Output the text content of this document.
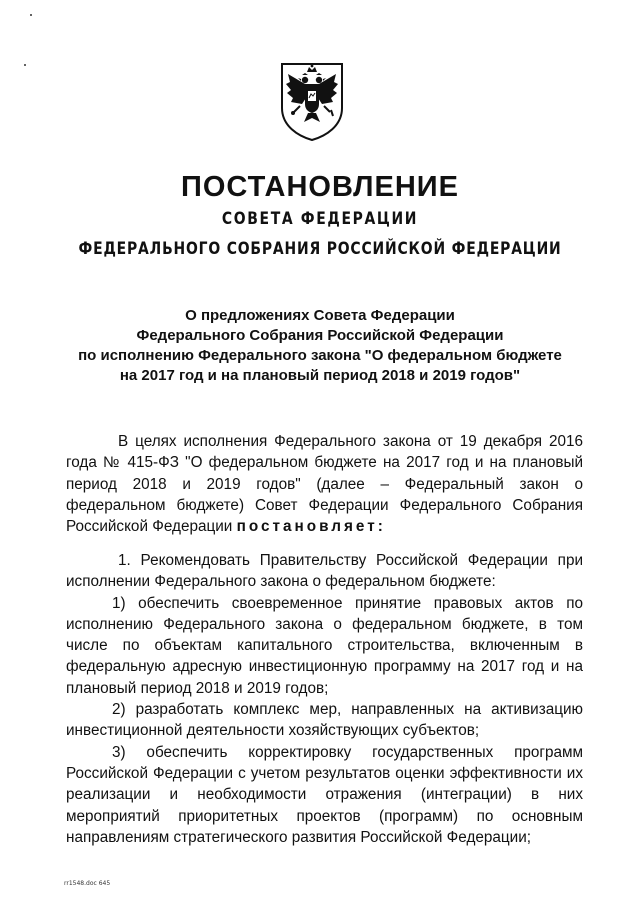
ПОСТАНОВЛЕНИЕ
СОВЕТА ФЕДЕРАЦИИ
ФЕДЕРАЛЬНОГО СОБРАНИЯ РОССИЙСКОЙ ФЕДЕРАЦИИ
О предложениях Совета Федерации
Федерального Собрания Российской Федерации
по исполнению Федерального закона "О федеральном бюджете
на 2017 год и на плановый период 2018 и 2019 годов"

В целях исполнения Федерального закона от 19 декабря 2016 года № 415-ФЗ "О федеральном бюджете на 2017 год и на плановый период 2018 и 2019 годов" (далее – Федеральный закон о федеральном бюджете) Совет Федерации Федерального Собрания Российской Федерации постановляет:

1. Рекомендовать Правительству Российской Федерации при исполнении Федерального закона о федеральном бюджете:

1) обеспечить своевременное принятие правовых актов по исполнению Федерального закона о федеральном бюджете, в том числе по объектам капитального строительства, включенным в федеральную адресную инвестиционную программу на 2017 год и на плановый период 2018 и 2019 годов;

2) разработать комплекс мер, направленных на активизацию инвестиционной деятельности хозяйствующих субъектов;

3) обеспечить корректировку государственных программ Российской Федерации с учетом результатов оценки эффективности их реализации и необходимости отражения (интеграции) в них мероприятий приоритетных проектов (программ) по основным направлениям стратегического развития Российской Федерации;

rr1548.doc 645
